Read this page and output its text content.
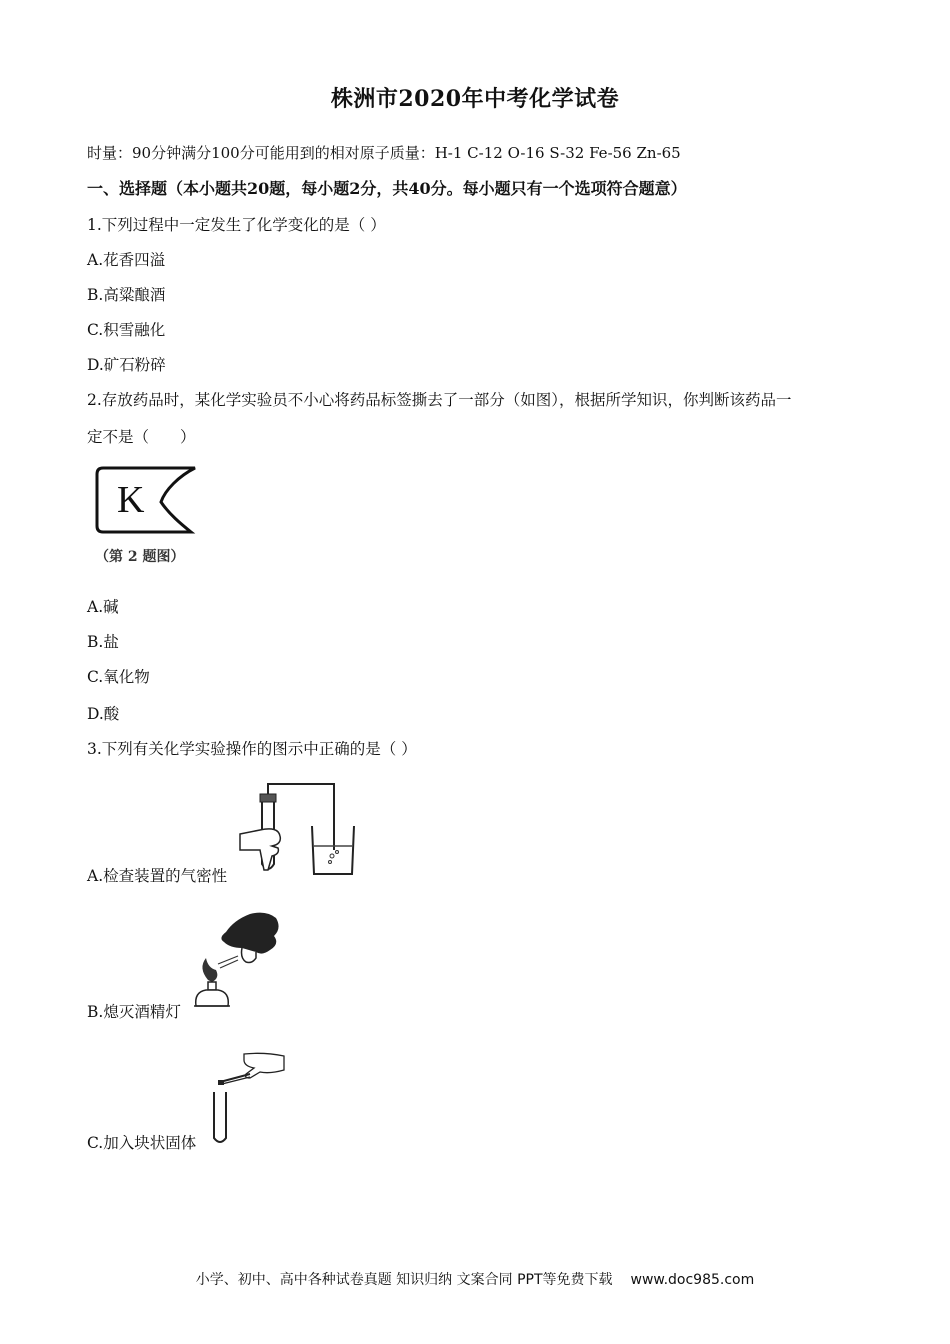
株洲市2020年中考化学试卷
时量：90分钟满分100分可能用到的相对原子质量：H-1 C-12 O-16 S-32 Fe-56 Zn-65
一、选择题（本小题共20题，每小题2分，共40分。每小题只有一个选项符合题意）
1.下列过程中一定发生了化学变化的是（ ）
A.花香四溢
B.高粱酿酒
C.积雪融化
D.矿石粉碎
2.存放药品时，某化学实验员不小心将药品标签撕去了一部分（如图），根据所学知识，你判断该药品一
定不是（　　）
K
（第 2 题图）
A.碱
B.盐
C.氧化物
D.酸
3.下列有关化学实验操作的图示中正确的是（ ）
A.检查装置的气密性
B.熄灭酒精灯
C.加入块状固体
小学、初中、高中各种试卷真题 知识归纳 文案合同 PPT等免费下载 www.doc985.com
